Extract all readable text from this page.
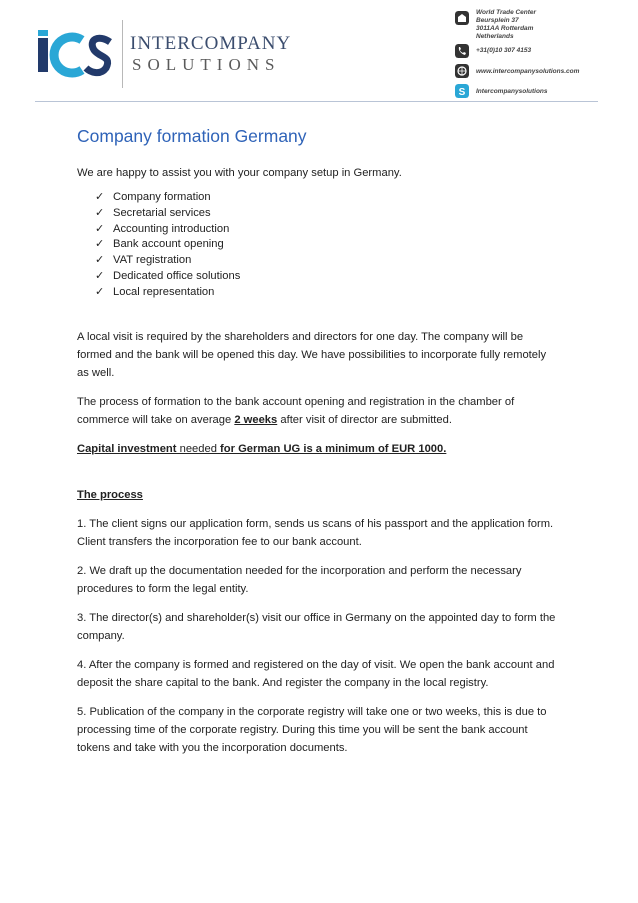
INTERCOMPANY
SOLUTIONS
World Trade Center
Beursplein 37
3011AA Rotterdam
Netherlands
+31(0)10 307 4153
www.intercompanysolutions.com
S Intercompanysolutions
Company formation Germany

We are happy to assist you with your company setup in Germany.

✓ Company formation
✓ Secretarial services
✓ Accounting introduction
✓ Bank account opening
✓ VAT registration
✓ Dedicated office solutions
✓ Local representation

A local visit is required by the shareholders and directors for one day. The company will be formed and the bank will be opened this day. We have possibilities to incorporate fully remotely as well.

The process of formation to the bank account opening and registration in the chamber of commerce will take on average 2 weeks after visit of director are submitted.

Capital investment needed for German UG is a minimum of EUR 1000.

The process

1. The client signs our application form, sends us scans of his passport and the application form. Client transfers the incorporation fee to our bank account.

2. We draft up the documentation needed for the incorporation and perform the necessary procedures to form the legal entity.

3. The director(s) and shareholder(s) visit our office in Germany on the appointed day to form the company.

4. After the company is formed and registered on the day of visit. We open the bank account and deposit the share capital to the bank. And register the company in the local registry.

5. Publication of the company in the corporate registry will take one or two weeks, this is due to processing time of the corporate registry. During this time you will be sent the bank account tokens and take with you the incorporation documents.
